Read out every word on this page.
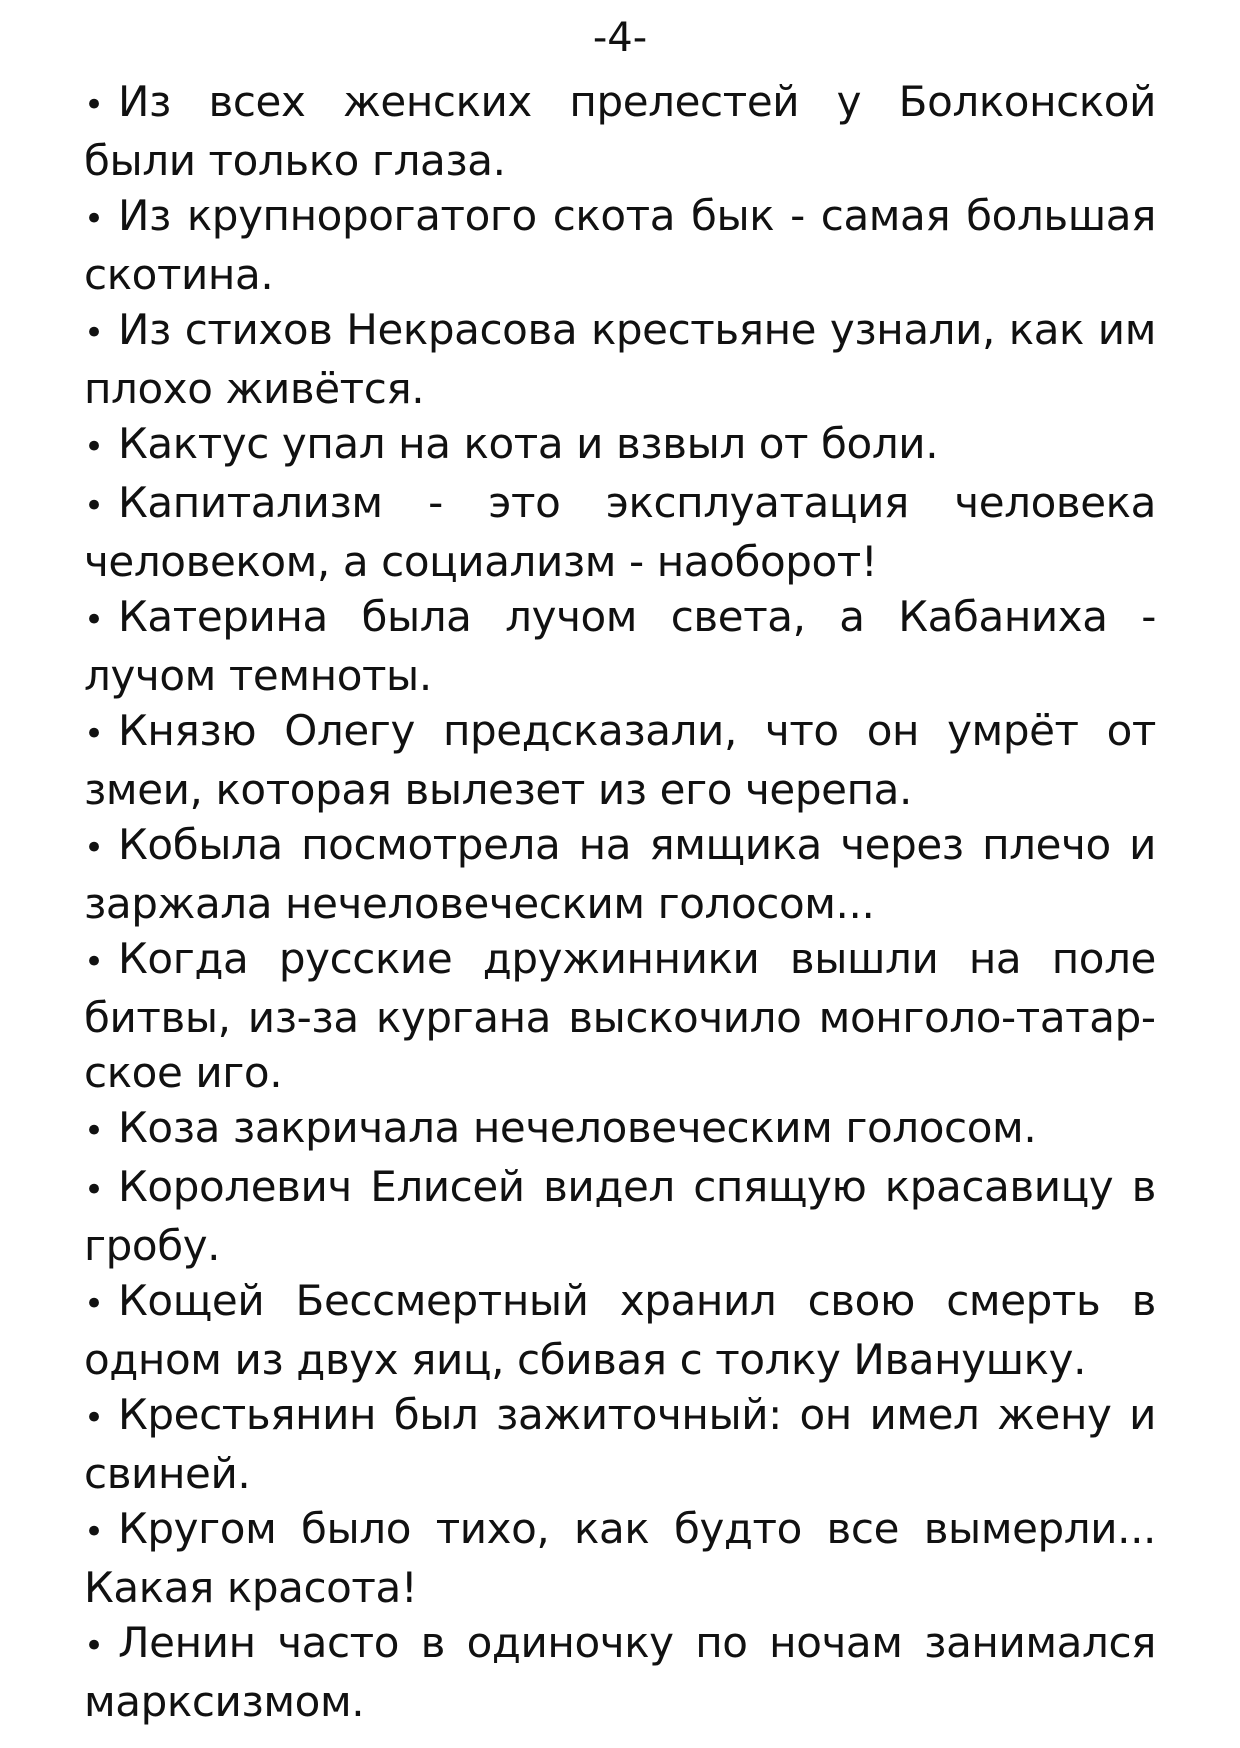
-4-
• Из всех женских прелестей у Болконской были только глаза.
• Из крупнорогатого скота бык - самая большая скотина.
• Из стихов Некрасова крестьяне узнали, как им плохо живётся.
• Кактус упал на кота и взвыл от боли.
• Капитализм - это эксплуатация человека человеком, а социализм - наоборот!
• Катерина была лучом света, а Кабаниха - лучом темноты.
• Князю Олегу предсказали, что он умрёт от змеи, которая вылезет из его черепа.
• Кобыла посмотрела на ямщика через плечо и заржала нечеловеческим голосом...
• Когда русские дружинники вышли на поле битвы, из-за кургана выскочило монголо-татарское иго.
• Коза закричала нечеловеческим голосом.
• Королевич Елисей видел спящую красавицу в гробу.
• Кощей Бессмертный хранил свою смерть в одном из двух яиц, сбивая с толку Иванушку.
• Крестьянин был зажиточный: он имел жену и свиней.
• Кругом было тихо, как будто все вымерли... Какая красота!
• Ленин часто в одиночку по ночам занимался марксизмом.
